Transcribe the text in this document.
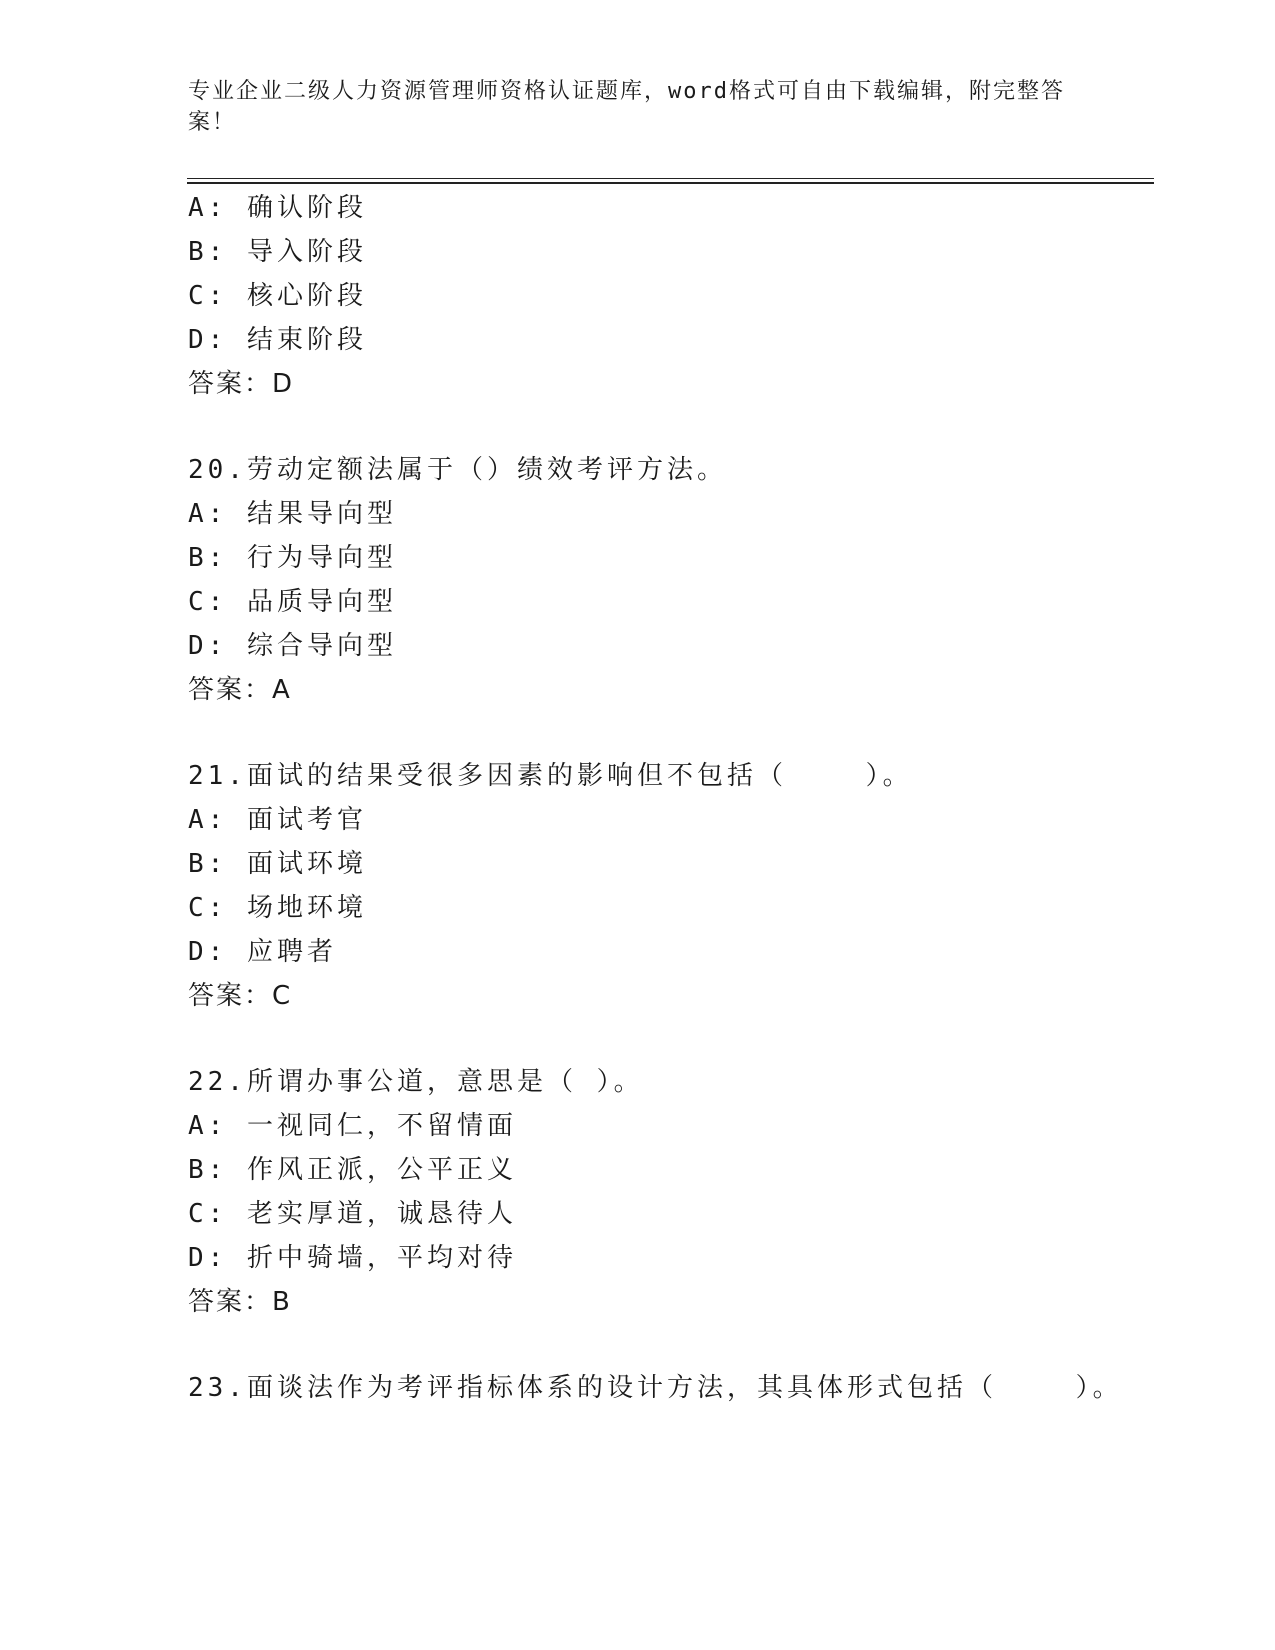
专业企业二级人力资源管理师资格认证题库，word格式可自由下载编辑，附完整答案！
A: 确认阶段
B: 导入阶段
C: 核心阶段
D: 结束阶段
答案：D
20.劳动定额法属于（）绩效考评方法。
A: 结果导向型
B: 行为导向型
C: 品质导向型
D: 综合导向型
答案：A
21.面试的结果受很多因素的影响但不包括（    ）。
A: 面试考官
B: 面试环境
C: 场地环境
D: 应聘者
答案：C
22.所谓办事公道，意思是（ ）。
A: 一视同仁，不留情面
B: 作风正派，公平正义
C: 老实厚道，诚恳待人
D: 折中骑墙，平均对待
答案：B
23.面谈法作为考评指标体系的设计方法，其具体形式包括（    ）。
